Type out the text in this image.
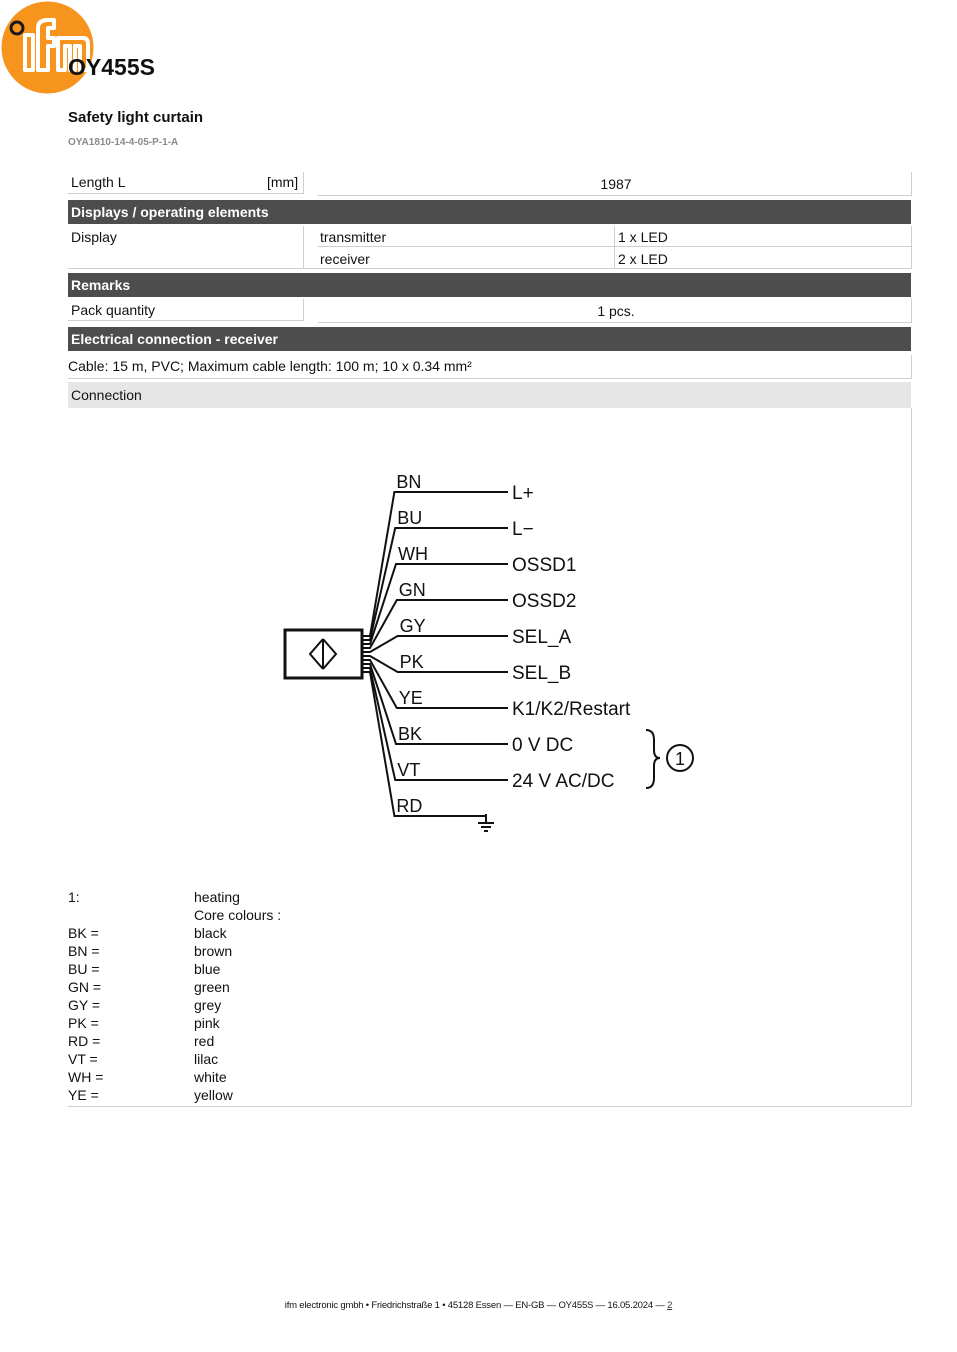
OY455S
Safety light curtain
OYA1810-14-4-05-P-1-A
Length L	[mm]	1987
Displays / operating elements
Display	transmitter	1 x LED
receiver	2 x LED
Remarks
Pack quantity	1 pcs.
Electrical connection - receiver
Cable: 15 m, PVC; Maximum cable length: 100 m; 10 x 0.34 mm²
Connection
BN
BU
WH
GN
GY
PK
YE
BK
VT
RD
L+
L−
OSSD1
OSSD2
SEL_A
SEL_B
K1/K2/Restart
0 V DC
24 V AC/DC
1
1:	heating
Core colours :
BK =	black
BN =	brown
BU =	blue
GN =	green
GY =	grey
PK =	pink
RD =	red
VT =	lilac
WH =	white
YE =	yellow
ifm electronic gmbh • Friedrichstraße 1 • 45128 Essen — EN-GB — OY455S — 16.05.2024 — 2
